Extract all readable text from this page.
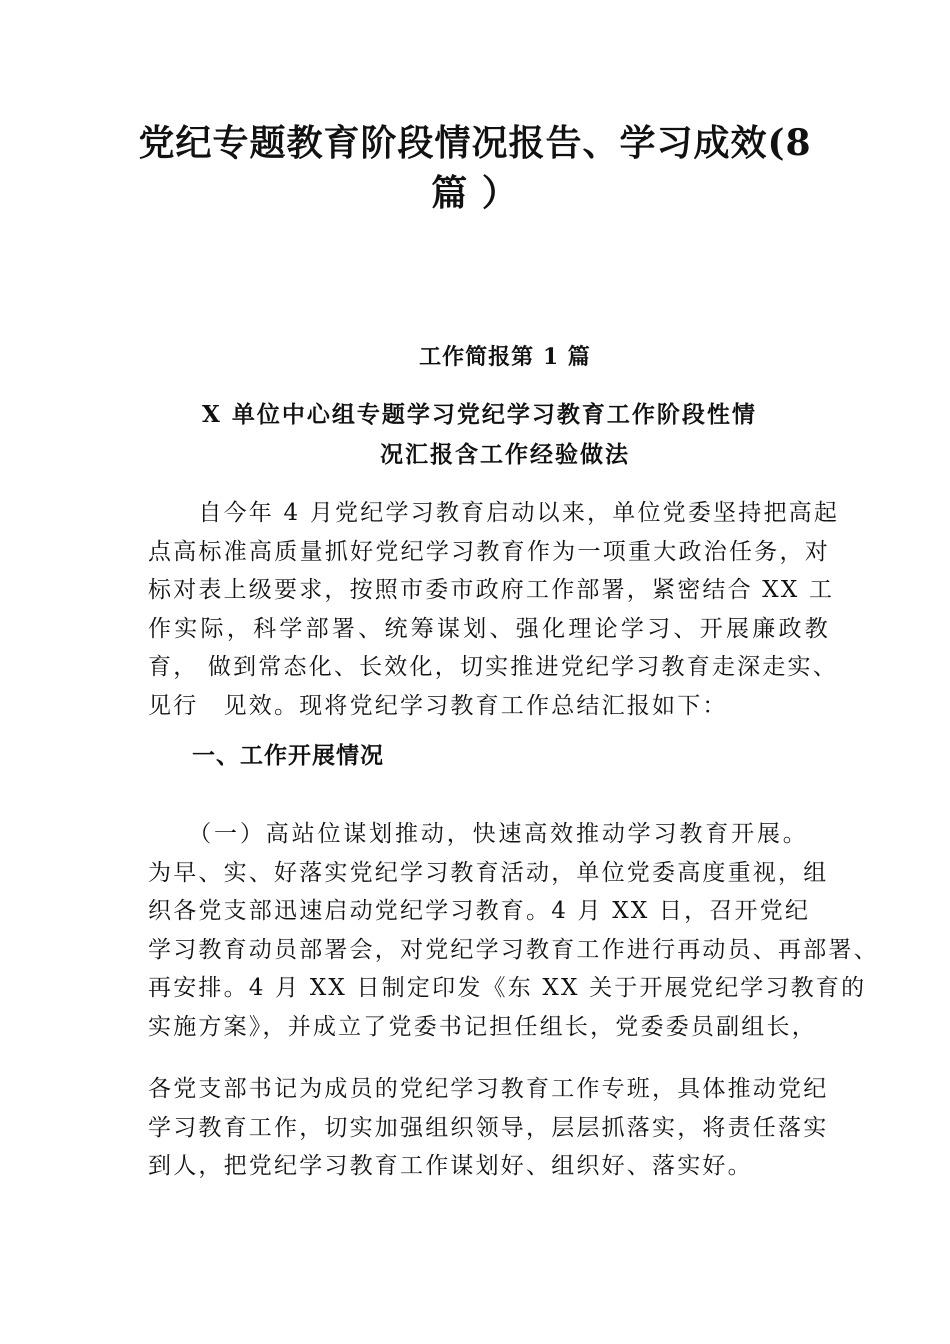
党纪专题教育阶段情况报告、学习成效(8
篇 ）

工作简报第 1 篇

X 单位中心组专题学习党纪学习教育工作阶段性情
况汇报含工作经验做法

　　自今年 4 月党纪学习教育启动以来，单位党委坚持把高起
点高标准高质量抓好党纪学习教育作为一项重大政治任务，对
标对表上级要求，按照市委市政府工作部署，紧密结合 XX 工
作实际，科学部署、统筹谋划、强化理论学习、开展廉政教
育， 做到常态化、长效化，切实推进党纪学习教育走深走实、
见行　见效。现将党纪学习教育工作总结汇报如下：

一、工作开展情况

　　（一）高站位谋划推动，快速高效推动学习教育开展。
为早、实、好落实党纪学习教育活动，单位党委高度重视，组
织各党支部迅速启动党纪学习教育。4 月 XX 日，召开党纪
学习教育动员部署会，对党纪学习教育工作进行再动员、再部署、
再安排。4 月 XX 日制定印发《东 XX 关于开展党纪学习教育的
实施方案》，并成立了党委书记担任组长，党委委员副组长，

各党支部书记为成员的党纪学习教育工作专班，具体推动党纪
学习教育工作，切实加强组织领导，层层抓落实，将责任落实
到人，把党纪学习教育工作谋划好、组织好、落实好。
